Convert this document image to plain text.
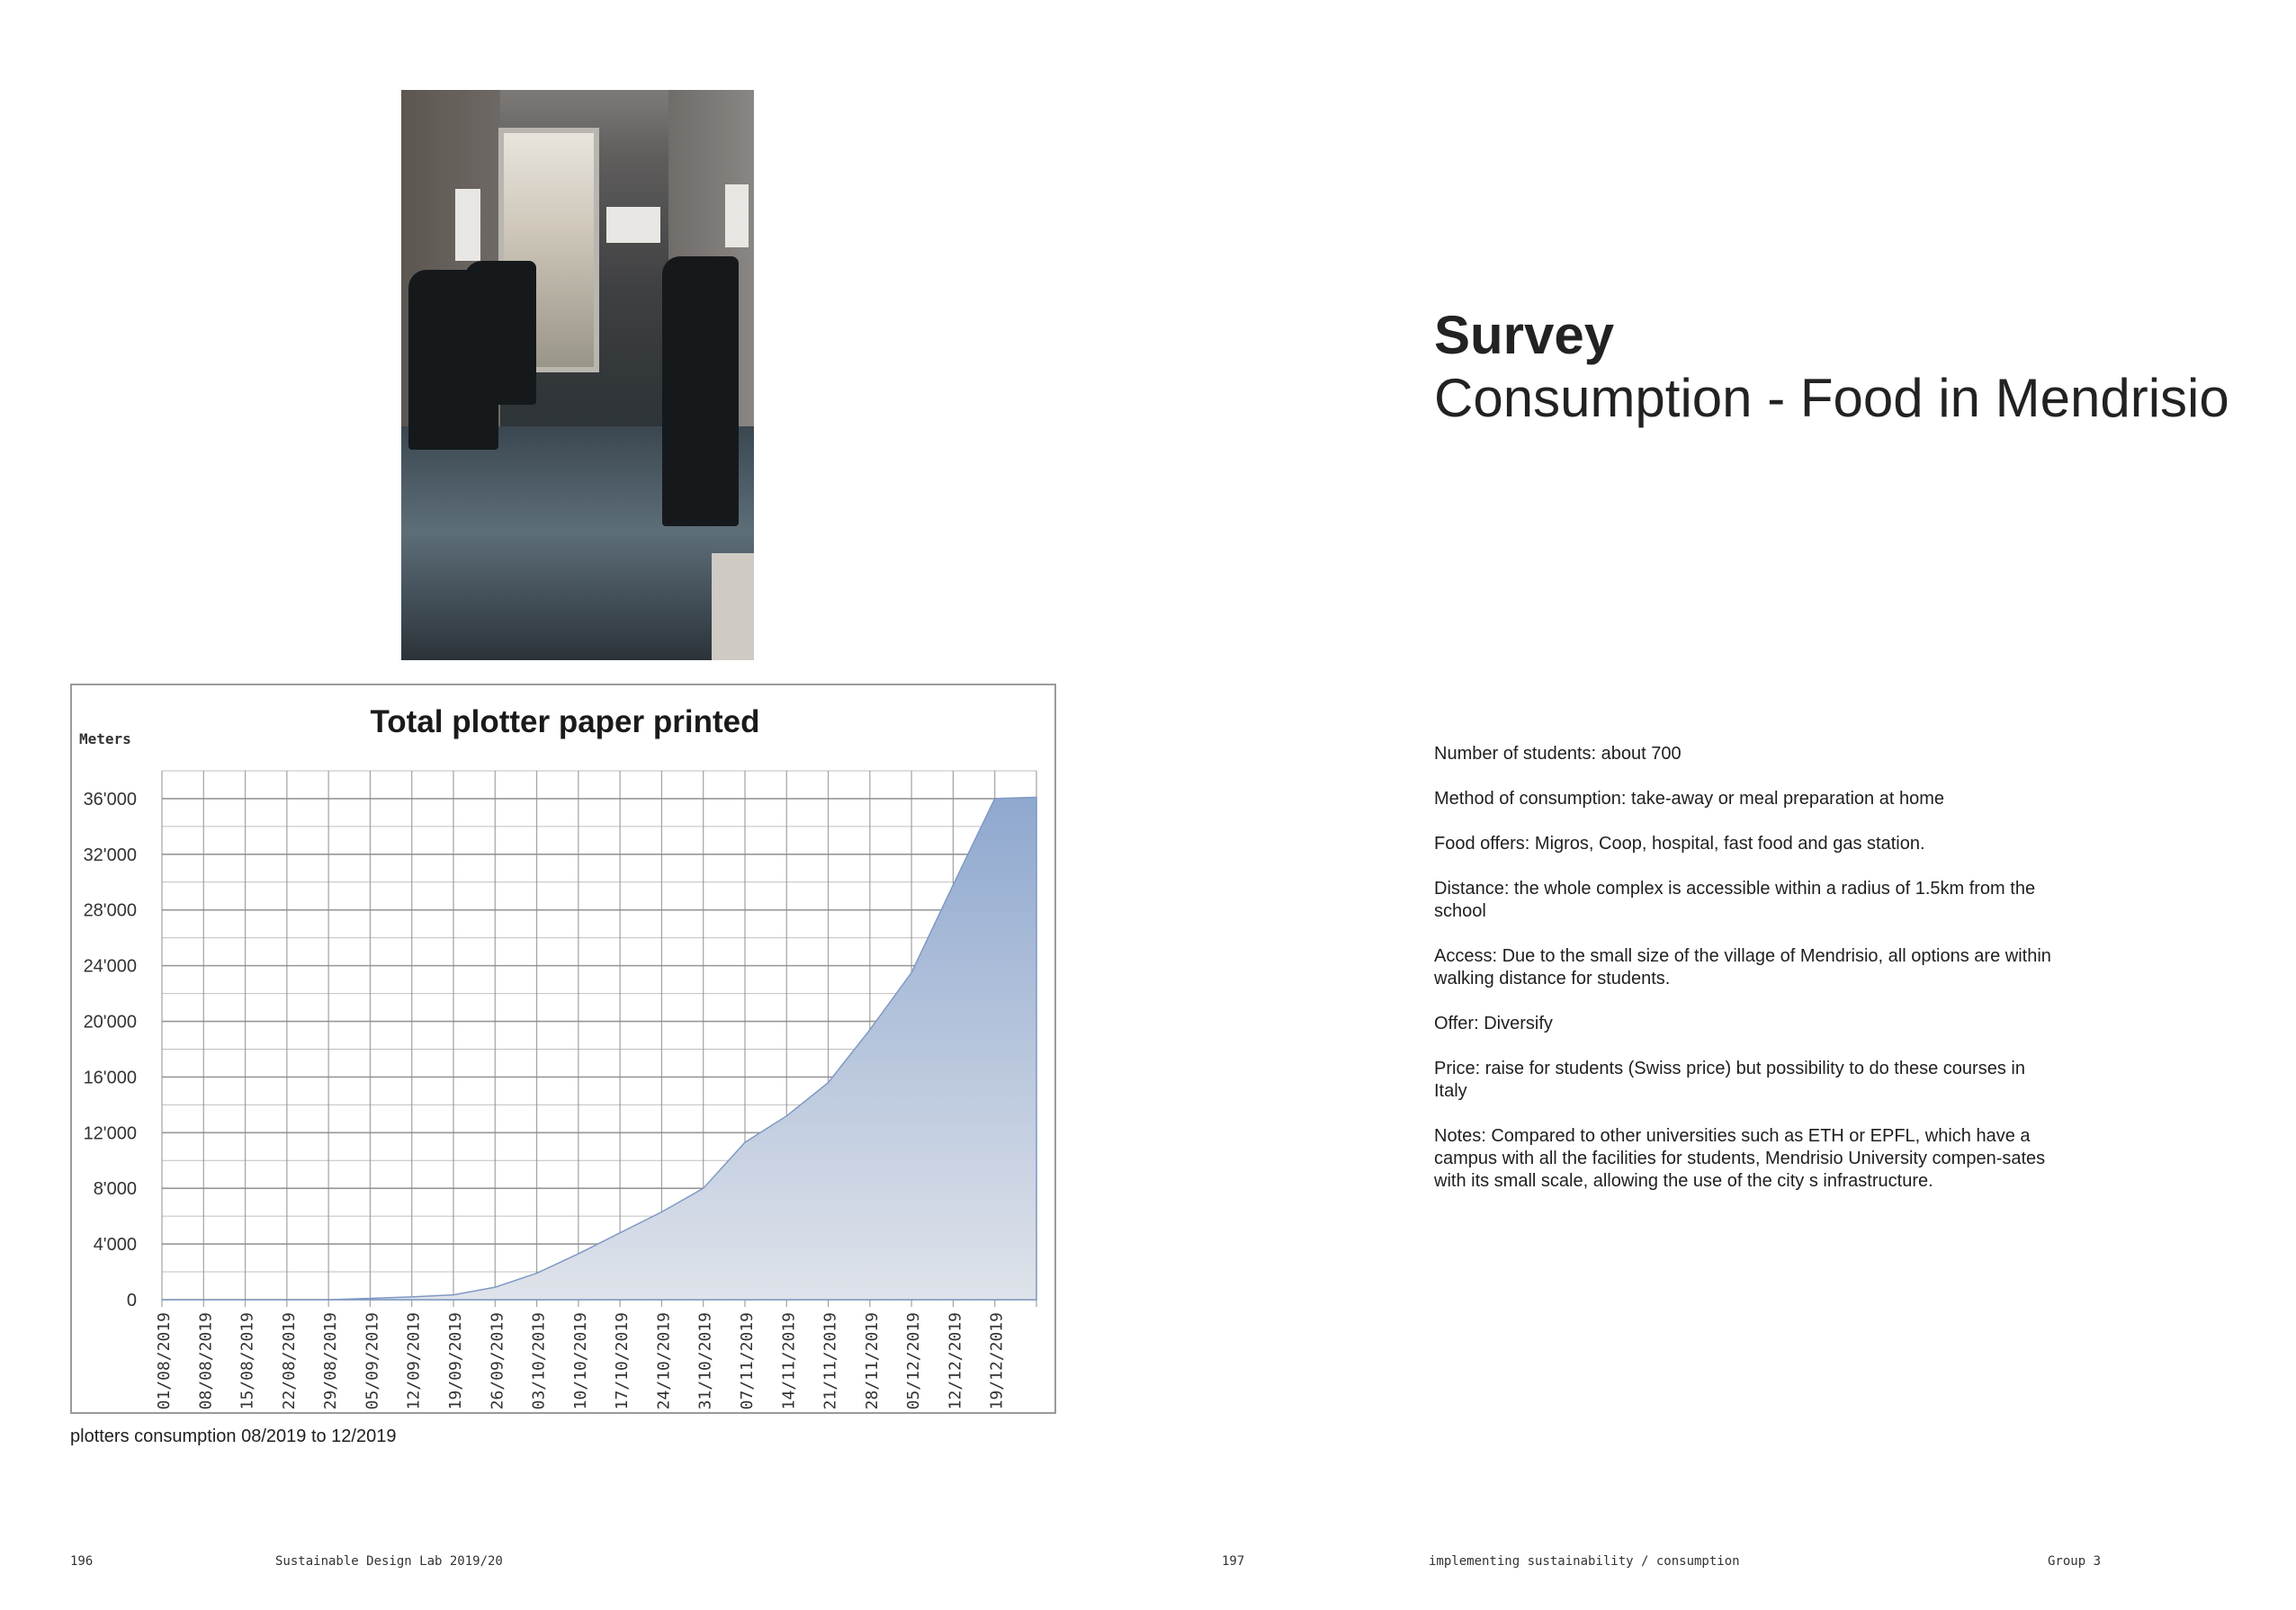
0
4'000
8'000
12'000
16'000
20'000
24'000
28'000
32'000
36'000
01/08/2019 08/08/2019 15/08/2019 22/08/2019 29/08/2019 05/09/2019 12/09/2019 19/09/2019 26/09/2019 03/10/2019 10/10/2019 17/10/2019 24/10/2019 31/10/2019 07/11/2019 14/11/2019 21/11/2019 28/11/2019 05/12/2019 12/12/2019 19/12/2019
Total plotter paper printed
Meters
plotters consumption 08/2019 to 12/2019
Survey
Consumption - Food in Mendrisio

Number of students: about 700

Method of consumption: take-away or meal preparation at home

Food offers: Migros, Coop, hospital, fast food and gas station.

Distance: the whole complex is accessible within a radius of 1.5km from the school

Access: Due to the small size of the village of Mendrisio, all options are within walking distance for students.

Offer: Diversify

Price: raise for students (Swiss price) but possibility to do these courses in Italy

Notes: Compared to other universities such as ETH or EPFL, which have a campus with all the facilities for students, Mendrisio University compen-sates with its small scale, allowing the use of the city s infrastructure.

196	Sustainable Design Lab 2019/20	197	implementing sustainability / consumption	Group 3
